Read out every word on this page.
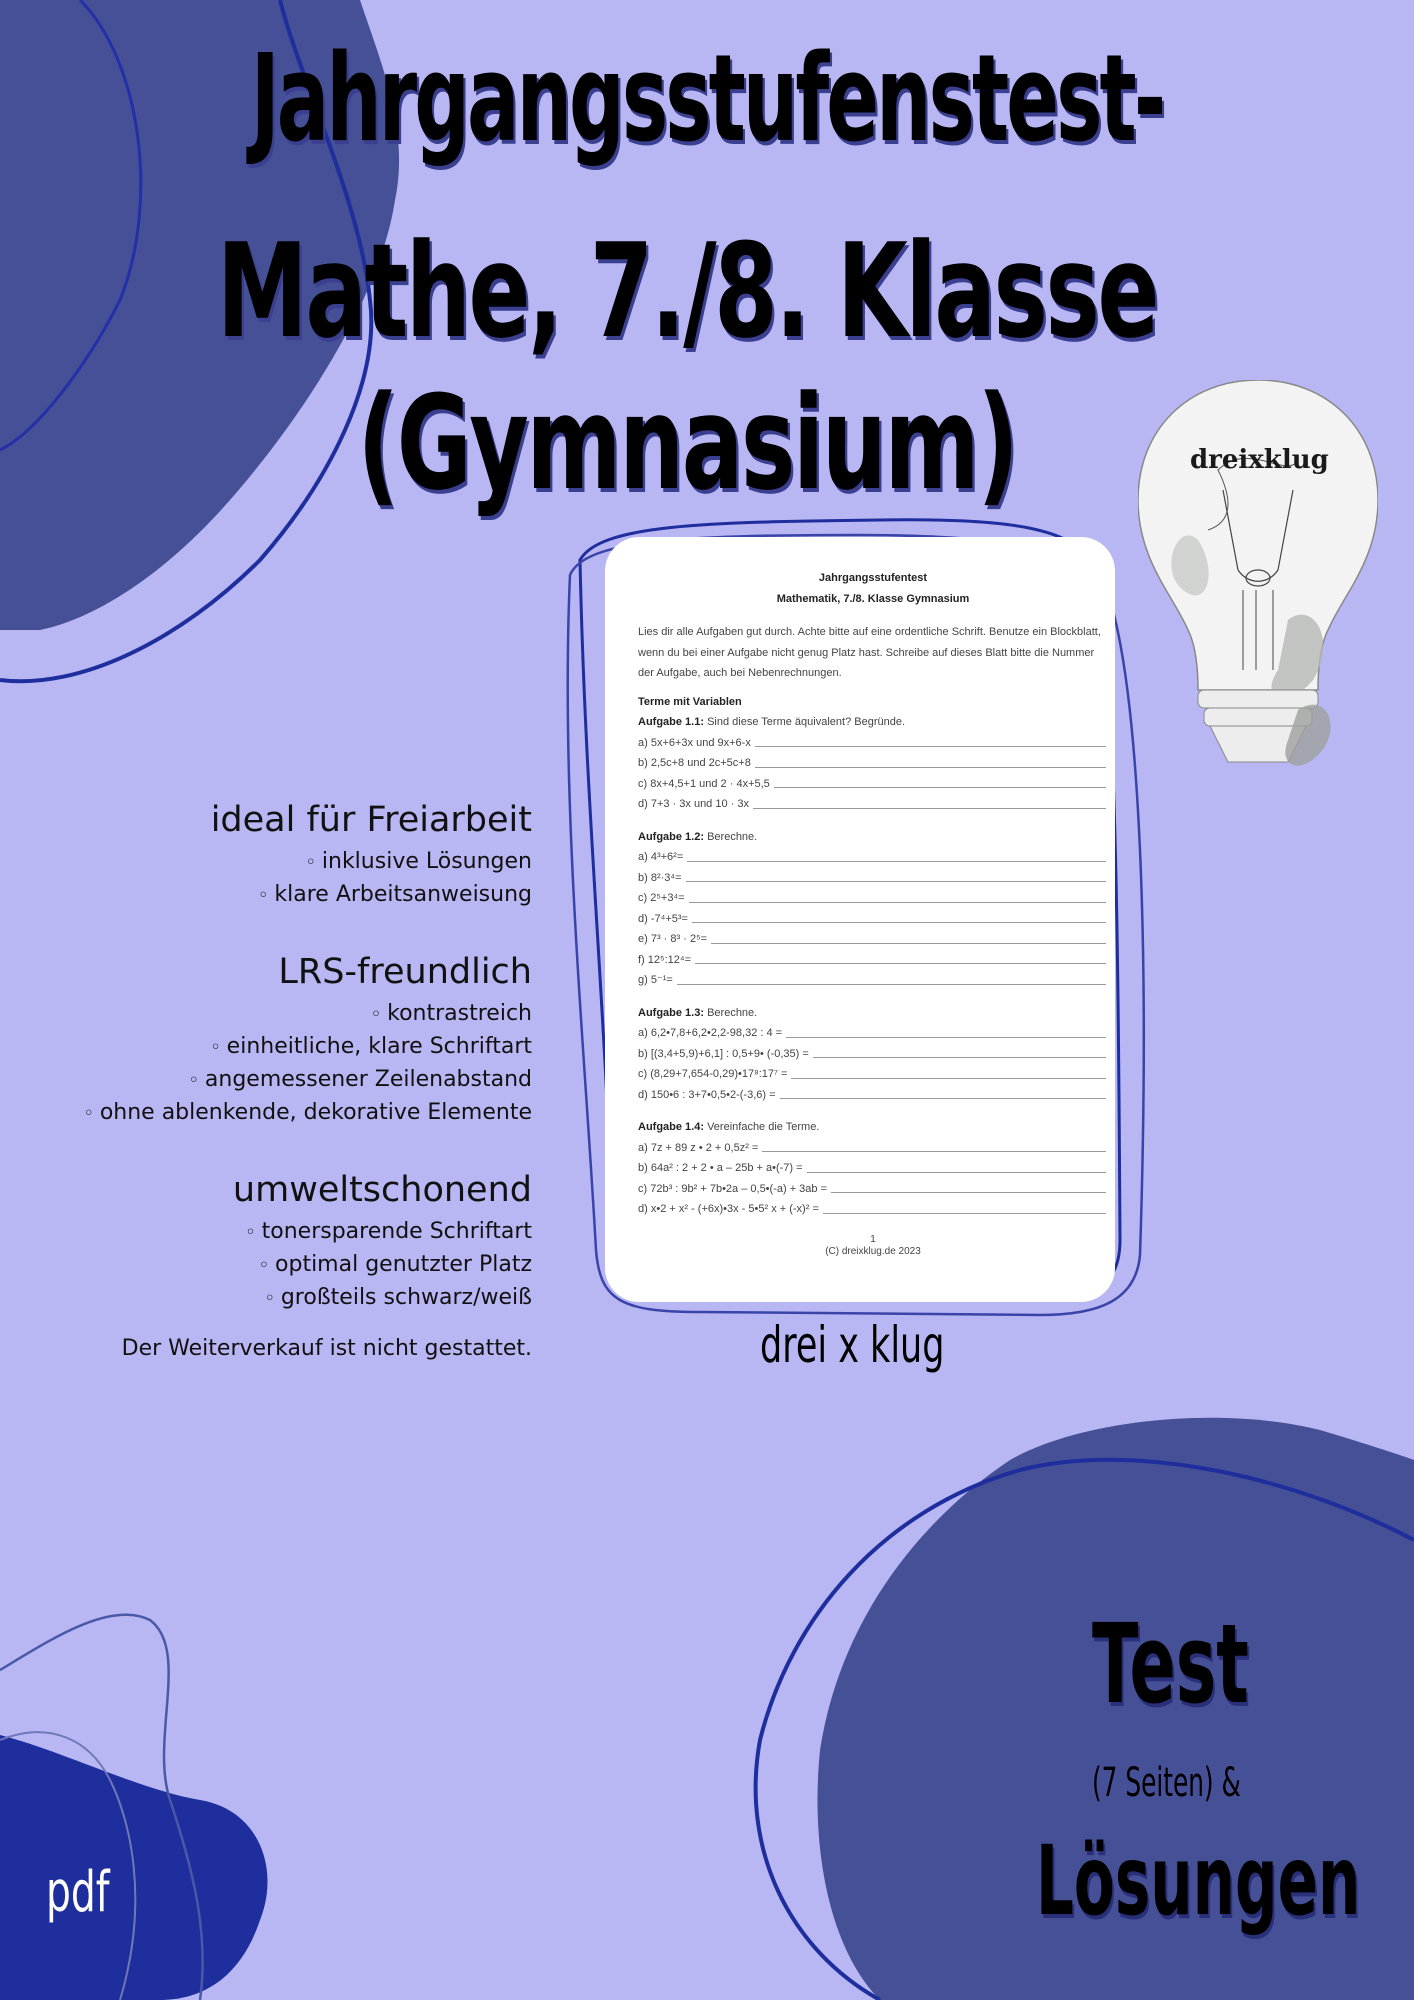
Jahrgangsstufenstest-
Mathe, 7./8. Klasse (Gymnasium)	dreixklug
ideal für Freiarbeit
◦ inklusive Lösungen
◦ klare Arbeitsanweisung
LRS-freundlich
◦ kontrastreich
◦ einheitliche, klare Schriftart
◦ angemessener Zeilenabstand
◦ ohne ablenkende, dekorative Elemente
umweltschonend
◦ tonersparende Schriftart
◦ optimal genutzter Platz
◦ großteils schwarz/weiß
Der Weiterverkauf ist nicht gestattet.
Jahrgangsstufentest
Mathematik, 7./8. Klasse Gymnasium
Lies dir alle Aufgaben gut durch. Achte bitte auf eine ordentliche Schrift. Benutze ein Blockblatt, wenn du bei einer Aufgabe nicht genug Platz hast. Schreibe auf dieses Blatt bitte die Nummer der Aufgabe, auch bei Nebenrechnungen.
Terme mit Variablen
Aufgabe 1.1: Sind diese Terme äquivalent? Begründe.
a) 5x+6+3x und 9x+6-x
b) 2,5c+8 und 2c+5c+8
c) 8x+4,5+1 und 2 · 4x+5,5
d) 7+3 · 3x und 10 · 3x
Aufgabe 1.2: Berechne.
a) 4³+6²=
b) 8²·3⁴=
c) 2⁵+3⁴=
d) -7⁴+5³=
e) 7³ · 8³ · 2⁵=
f) 12⁵:12⁴=
g) 5⁻¹=
Aufgabe 1.3: Berechne.
a) 6,2•7,8+6,2•2,2-98,32 : 4 =
b) [(3,4+5,9)+6,1] : 0,5+9• (-0,35) =
c) (8,29+7,654-0,29)•17⁸:17⁷ =
d) 150•6 : 3+7•0,5•2-(-3,6) =
Aufgabe 1.4: Vereinfache die Terme.
a) 7z + 89 z • 2 + 0,5z² =
b) 64a² : 2 + 2 • a – 25b + a•(-7) =
c) 72b³ : 9b² + 7b•2a – 0,5•(-a) + 3ab =
d) x•2 + x² - (+6x)•3x - 5•5² x + (-x)² =
1
(C) dreixklug.de 2023
drei x klug
pdf
Test
(7 Seiten) &
Lösungen
